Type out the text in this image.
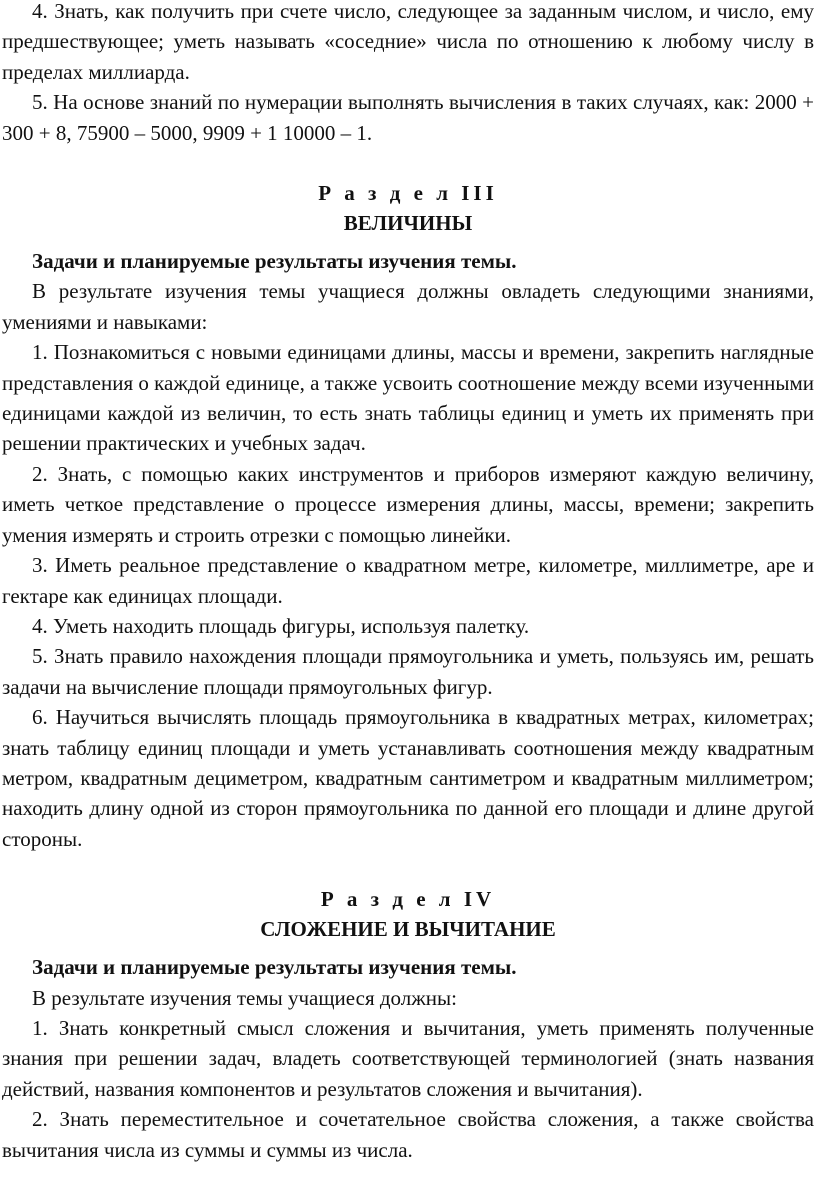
4. Знать, как получить при счете число, следующее за заданным числом, и число, ему предшествующее; уметь называть «соседние» числа по отношению к любому числу в пределах миллиарда.

5. На основе знаний по нумерации выполнять вычисления в таких случаях, как: 2000 + 300 + 8, 75900 – 5000, 9909 + 1 10000 – 1.

Р а з д е л III
ВЕЛИЧИНЫ

Задачи и планируемые результаты изучения темы.

В результате изучения темы учащиеся должны овладеть следующими знаниями, умениями и навыками:

1. Познакомиться с новыми единицами длины, массы и времени, закрепить наглядные представления о каждой единице, а также усвоить соотношение между всеми изученными единицами каждой из величин, то есть знать таблицы единиц и уметь их применять при решении практических и учебных задач.

2. Знать, с помощью каких инструментов и приборов измеряют каждую величину, иметь четкое представление о процессе измерения длины, массы, времени; закрепить умения измерять и строить отрезки с помощью линейки.

3. Иметь реальное представление о квадратном метре, километре, миллиметре, аре и гектаре как единицах площади.

4. Уметь находить площадь фигуры, используя палетку.

5. Знать правило нахождения площади прямоугольника и уметь, пользуясь им, решать задачи на вычисление площади прямоугольных фигур.

6. Научиться вычислять площадь прямоугольника в квадратных метрах, километрах; знать таблицу единиц площади и уметь устанавливать соотношения между квадратным метром, квадратным дециметром, квадратным сантиметром и квадратным миллиметром; находить длину одной из сторон прямоугольника по данной его площади и длине другой стороны.

Р а з д е л IV
СЛОЖЕНИЕ И ВЫЧИТАНИЕ

Задачи и планируемые результаты изучения темы.

В результате изучения темы учащиеся должны:

1. Знать конкретный смысл сложения и вычитания, уметь применять полученные знания при решении задач, владеть соответствующей терминологией (знать названия действий, названия компонентов и результатов сложения и вычитания).

2. Знать переместительное и сочетательное свойства сложения, а также свойства вычитания числа из суммы и суммы из числа.
